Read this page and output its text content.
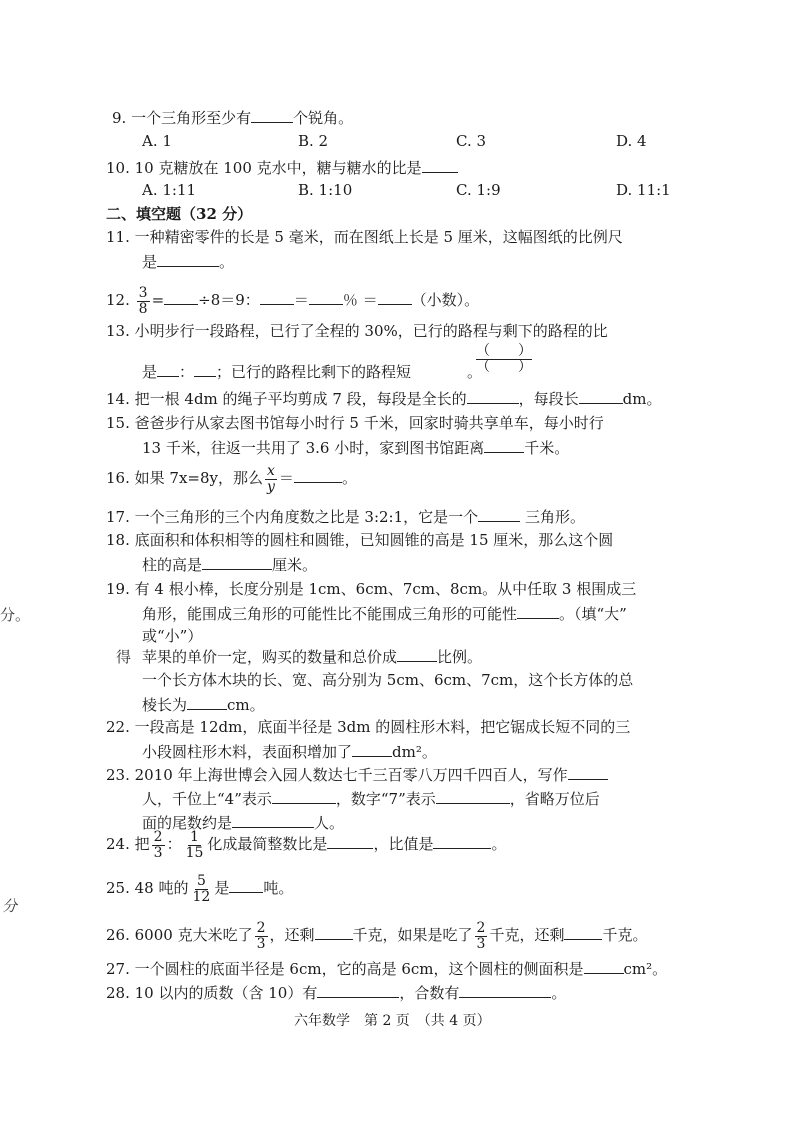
9. 一个三角形至少有	个锐角。
A. 1	B. 2	C. 3	D. 4
10. 10 克糖放在 100 克水中，糖与糖水的比是
A. 1:11	B. 1:10	C. 1:9	D. 11:1
二、填空题（32 分）
11. 一种精密零件的长是 5 毫米，而在图纸上长是 5 厘米，这幅图纸的比例尺
是	。
12. $\frac{3}{8} = \div 8=9$： ＝ ％ ＝ （小数）。
13. 小明步行一段路程，已行了全程的 30%，已行的路程与剩下的路程的比
（　　）
（　　）
是 ： ；已行的路程比剩下的路程短	。
14. 把一根 4dm 的绳子平均剪成 7 段，每段是全长的	，每段长	dm。
15. 爸爸步行从家去图书馆每小时行 5 千米，回家时骑共享单车，每小时行
13 千米，往返一共用了 3.6 小时，家到图书馆距离	千米。
16. 如果 7x=8y，那么 $\frac{x}{y}$ ＝	。
17. 一个三角形的三个内角度数之比是 3:2:1，它是一个	三角形。
18. 底面积和体积相等的圆柱和圆锥，已知圆锥的高是 15 厘米，那么这个圆
柱的高是	厘米。
19. 有 4 根小棒，长度分别是 1cm、6cm、7cm、8cm。从中任取 3 根围成三
角形，能围成三角形的可能性比不能围成三角形的可能性	。（填“大”
或“小”）
苹果的单价一定，购买的数量和总价成	比例。
一个长方体木块的长、宽、高分别为 5cm、6cm、7cm，这个长方体的总
棱长为	cm。
22. 一段高是 12dm，底面半径是 3dm 的圆柱形木料，把它锯成长短不同的三
小段圆柱形木料，表面积增加了	dm²。
23. 2010 年上海世博会入园人数达七千三百零八万四千四百人，写作
人，千位上“4”表示	，数字“7”表示	，省略万位后
面的尾数约是	人。
24. 把 $\frac{2}{3}$ ： $\frac{1}{15}$ 化成最简整数比是	，比值是	。
25. 48 吨的 $\frac{5}{12}$ 是 吨。
26. 6000 克大米吃了 $\frac{2}{3}$ ，还剩	千克，如果是吃了 $\frac{2}{3}$ 千克，还剩	千克。
27. 一个圆柱的底面半径是 6cm，它的高是 6cm，这个圆柱的侧面积是	cm²。
28. 10 以内的质数（含 10）有	，合数有	。
六年数学　第 2 页　（共 4 页）
分。
得
分
